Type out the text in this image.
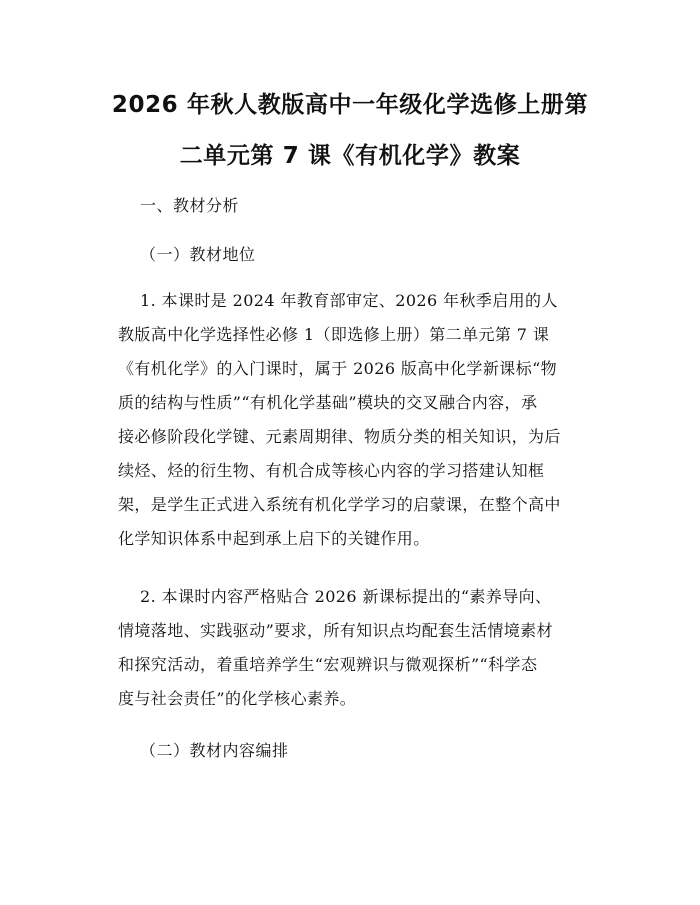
2026 年秋人教版高中一年级化学选修上册第
二单元第 7 课《有机化学》教案

一、教材分析

（一）教材地位

1. 本课时是 2024 年教育部审定、2026 年秋季启用的人
教版高中化学选择性必修 1（即选修上册）第二单元第 7 课
《有机化学》的入门课时，属于 2026 版高中化学新课标“物
质的结构与性质”“有机化学基础”模块的交叉融合内容，承
接必修阶段化学键、元素周期律、物质分类的相关知识，为后
续烃、烃的衍生物、有机合成等核心内容的学习搭建认知框
架，是学生正式进入系统有机化学学习的启蒙课，在整个高中
化学知识体系中起到承上启下的关键作用。
2. 本课时内容严格贴合 2026 新课标提出的“素养导向、
情境落地、实践驱动”要求，所有知识点均配套生活情境素材
和探究活动，着重培养学生“宏观辨识与微观探析”“科学态
度与社会责任”的化学核心素养。

（二）教材内容编排
